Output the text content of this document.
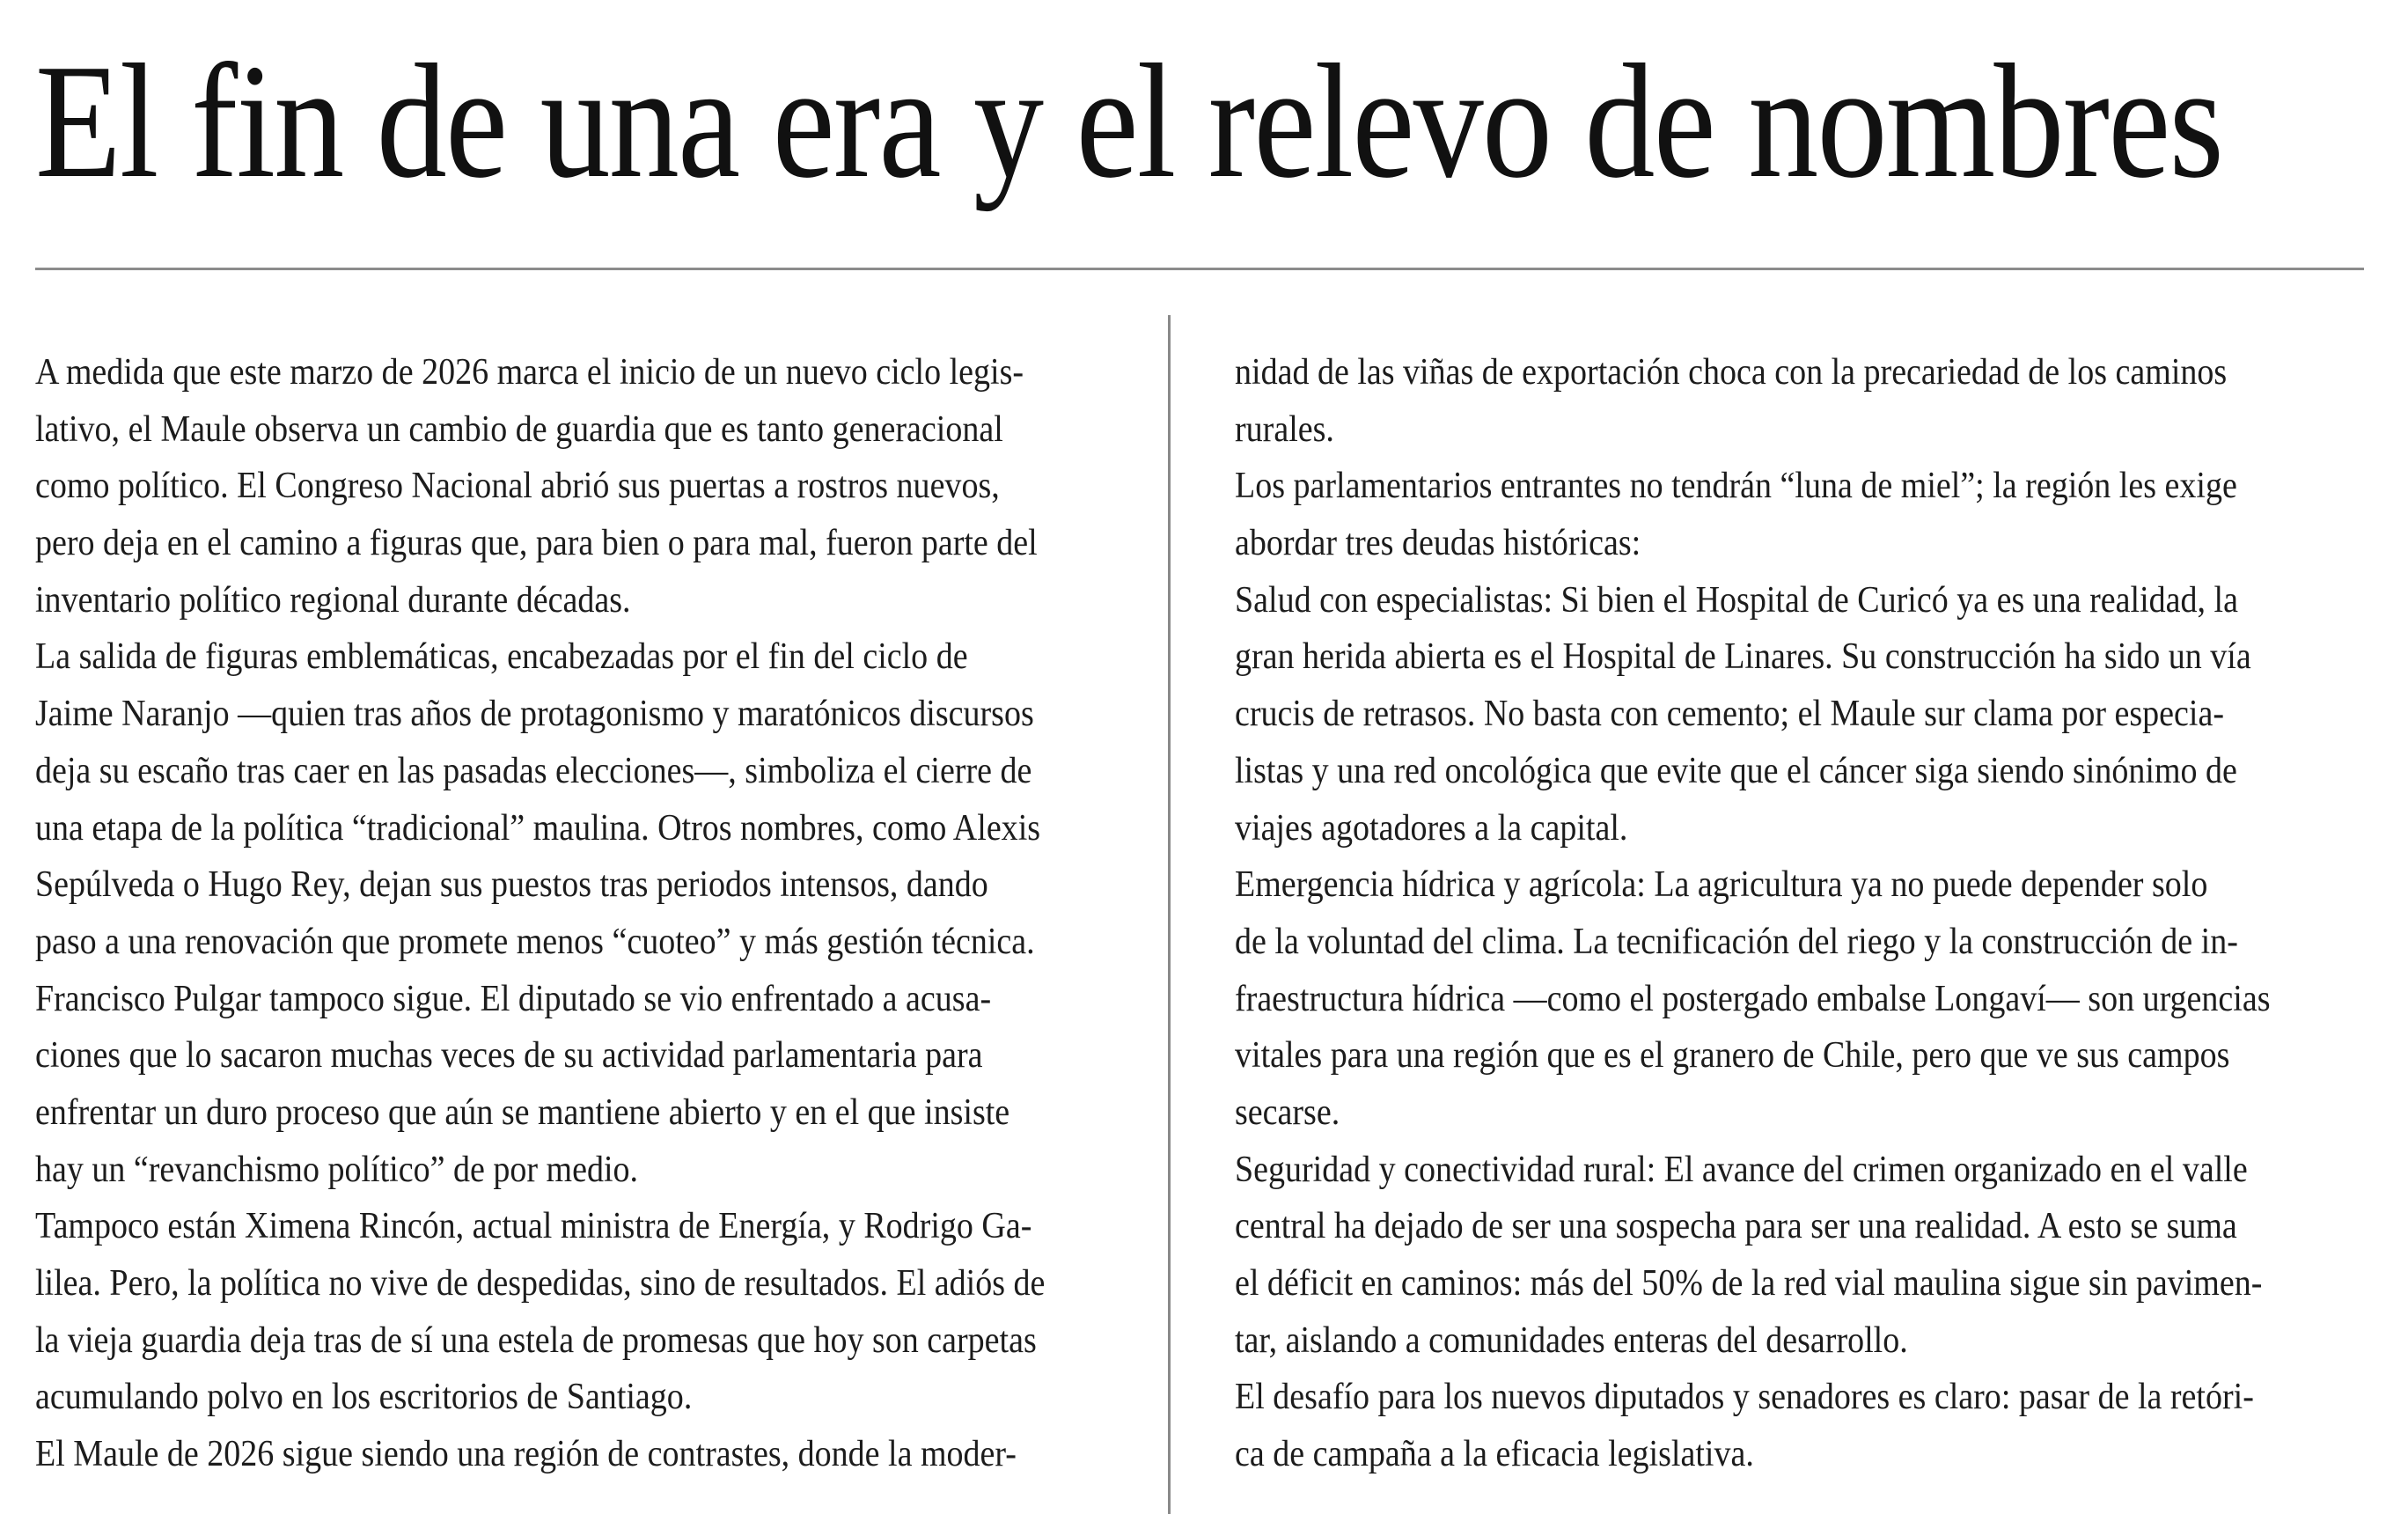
El fin de una era y el relevo de nombres
A medida que este marzo de 2026 marca el inicio de un nuevo ciclo legis-
lativo, el Maule observa un cambio de guardia que es tanto generacional
como político. El Congreso Nacional abrió sus puertas a rostros nuevos,
pero deja en el camino a figuras que, para bien o para mal, fueron parte del
inventario político regional durante décadas.
La salida de figuras emblemáticas, encabezadas por el fin del ciclo de
Jaime Naranjo —quien tras años de protagonismo y maratónicos discursos
deja su escaño tras caer en las pasadas elecciones—, simboliza el cierre de
una etapa de la política “tradicional” maulina. Otros nombres, como Alexis
Sepúlveda o Hugo Rey, dejan sus puestos tras periodos intensos, dando
paso a una renovación que promete menos “cuoteo” y más gestión técnica.
Francisco Pulgar tampoco sigue. El diputado se vio enfrentado a acusa-
ciones que lo sacaron muchas veces de su actividad parlamentaria para
enfrentar un duro proceso que aún se mantiene abierto y en el que insiste
hay un “revanchismo político” de por medio.
Tampoco están Ximena Rincón, actual ministra de Energía, y Rodrigo Ga-
lilea. Pero, la política no vive de despedidas, sino de resultados. El adiós de
la vieja guardia deja tras de sí una estela de promesas que hoy son carpetas
acumulando polvo en los escritorios de Santiago.
El Maule de 2026 sigue siendo una región de contrastes, donde la moder-
nidad de las viñas de exportación choca con la precariedad de los caminos
rurales.
Los parlamentarios entrantes no tendrán “luna de miel”; la región les exige
abordar tres deudas históricas:
Salud con especialistas: Si bien el Hospital de Curicó ya es una realidad, la
gran herida abierta es el Hospital de Linares. Su construcción ha sido un vía
crucis de retrasos. No basta con cemento; el Maule sur clama por especia-
listas y una red oncológica que evite que el cáncer siga siendo sinónimo de
viajes agotadores a la capital.
Emergencia hídrica y agrícola: La agricultura ya no puede depender solo
de la voluntad del clima. La tecnificación del riego y la construcción de in-
fraestructura hídrica —como el postergado embalse Longaví— son urgencias
vitales para una región que es el granero de Chile, pero que ve sus campos
secarse.
Seguridad y conectividad rural: El avance del crimen organizado en el valle
central ha dejado de ser una sospecha para ser una realidad. A esto se suma
el déficit en caminos: más del 50% de la red vial maulina sigue sin pavimen-
tar, aislando a comunidades enteras del desarrollo.
El desafío para los nuevos diputados y senadores es claro: pasar de la retóri-
ca de campaña a la eficacia legislativa.
